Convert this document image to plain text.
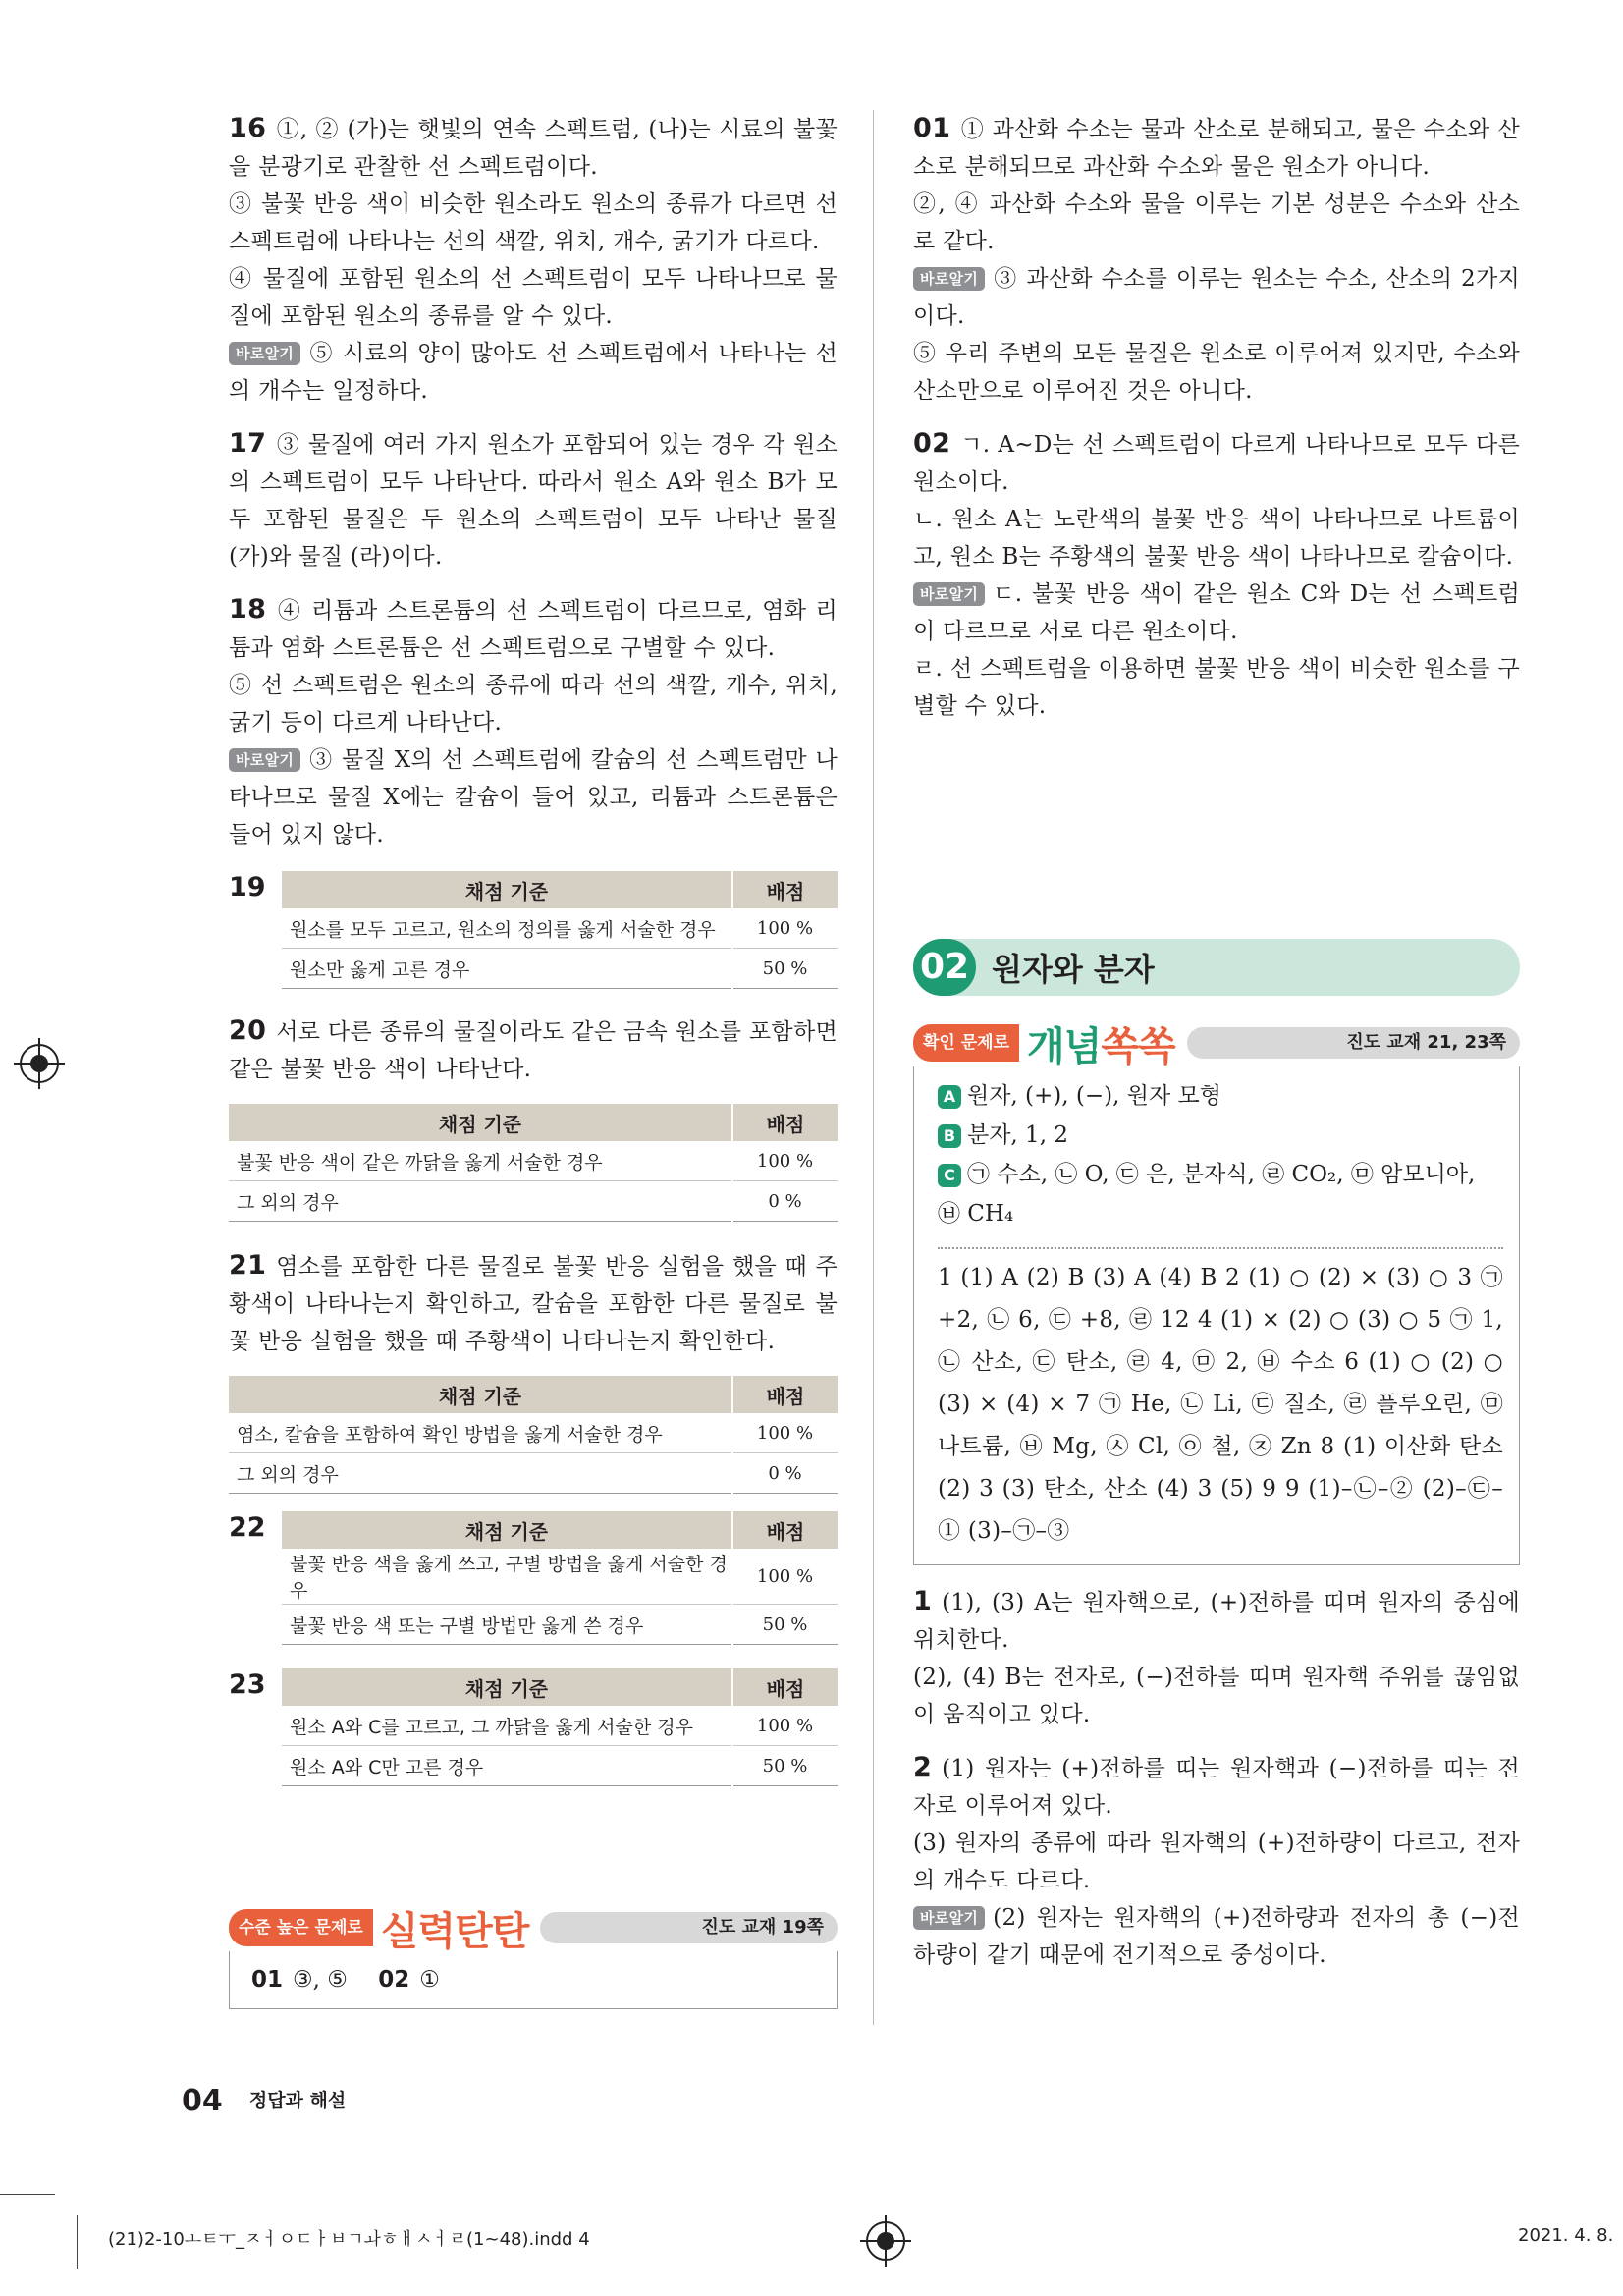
16 ①, ② (가)는 햇빛의 연속 스펙트럼, (나)는 시료의 불꽃을 분광기로 관찰한 선 스펙트럼이다.

③ 불꽃 반응 색이 비슷한 원소라도 원소의 종류가 다르면 선 스펙트럼에 나타나는 선의 색깔, 위치, 개수, 굵기가 다르다.

④ 물질에 포함된 원소의 선 스펙트럼이 모두 나타나므로 물질에 포함된 원소의 종류를 알 수 있다.

바로알기 ⑤ 시료의 양이 많아도 선 스펙트럼에서 나타나는 선의 개수는 일정하다.

17 ③ 물질에 여러 가지 원소가 포함되어 있는 경우 각 원소의 스펙트럼이 모두 나타난다. 따라서 원소 A와 원소 B가 모두 포함된 물질은 두 원소의 스펙트럼이 모두 나타난 물질 (가)와 물질 (라)이다.

18 ④ 리튬과 스트론튬의 선 스펙트럼이 다르므로, 염화 리튬과 염화 스트론튬은 선 스펙트럼으로 구별할 수 있다.

⑤ 선 스펙트럼은 원소의 종류에 따라 선의 색깔, 개수, 위치, 굵기 등이 다르게 나타난다.

바로알기 ③ 물질 X의 선 스펙트럼에 칼슘의 선 스펙트럼만 나타나므로 물질 X에는 칼슘이 들어 있고, 리튬과 스트론튬은 들어 있지 않다.

19	채점 기준	배점
원소를 모두 고르고, 원소의 정의를 옳게 서술한 경우	100 %
원소만 옳게 고른 경우	50 %

20 서로 다른 종류의 물질이라도 같은 금속 원소를 포함하면 같은 불꽃 반응 색이 나타난다.

채점 기준	배점
불꽃 반응 색이 같은 까닭을 옳게 서술한 경우	100 %
그 외의 경우	0 %

21 염소를 포함한 다른 물질로 불꽃 반응 실험을 했을 때 주황색이 나타나는지 확인하고, 칼슘을 포함한 다른 물질로 불꽃 반응 실험을 했을 때 주황색이 나타나는지 확인한다.

채점 기준	배점
염소, 칼슘을 포함하여 확인 방법을 옳게 서술한 경우	100 %
그 외의 경우	0 %
22	채점 기준	배점
불꽃 반응 색을 옳게 쓰고, 구별 방법을 옳게 서술한 경우	100 %
불꽃 반응 색 또는 구별 방법만 옳게 쓴 경우	50 %
23	채점 기준	배점
원소 A와 C를 고르고, 그 까닭을 옳게 서술한 경우	100 %
원소 A와 C만 고른 경우	50 %
수준 높은 문제로 실력탄탄	진도 교재 19쪽
01 ③, ⑤ 02 ①

01 ① 과산화 수소는 물과 산소로 분해되고, 물은 수소와 산소로 분해되므로 과산화 수소와 물은 원소가 아니다.

②, ④ 과산화 수소와 물을 이루는 기본 성분은 수소와 산소로 같다.

바로알기 ③ 과산화 수소를 이루는 원소는 수소, 산소의 2가지이다.

⑤ 우리 주변의 모든 물질은 원소로 이루어져 있지만, 수소와 산소만으로 이루어진 것은 아니다.

02 ㄱ. A~D는 선 스펙트럼이 다르게 나타나므로 모두 다른 원소이다.

ㄴ. 원소 A는 노란색의 불꽃 반응 색이 나타나므로 나트륨이고, 원소 B는 주황색의 불꽃 반응 색이 나타나므로 칼슘이다.

바로알기 ㄷ. 불꽃 반응 색이 같은 원소 C와 D는 선 스펙트럼이 다르므로 서로 다른 원소이다.

ㄹ. 선 스펙트럼을 이용하면 불꽃 반응 색이 비슷한 원소를 구별할 수 있다.

02 원자와 분자
확인 문제로 개념쏙쏙	진도 교재 21, 23쪽
A 원자, (+), (−), 원자 모형
B 분자, 1, 2
C ㉠ 수소, ㉡ O, ㉢ 은, 분자식, ㉣ CO₂, ㉤ 암모니아, ㉥ CH₄
1 (1) A (2) B (3) A (4) B 2 (1) ○ (2) × (3) ○ 3 ㉠ +2, ㉡ 6, ㉢ +8, ㉣ 12 4 (1) × (2) ○ (3) ○ 5 ㉠ 1, ㉡ 산소, ㉢ 탄소, ㉣ 4, ㉤ 2, ㉥ 수소 6 (1) ○ (2) ○ (3) × (4) × 7 ㉠ He, ㉡ Li, ㉢ 질소, ㉣ 플루오린, ㉤ 나트륨, ㉥ Mg, ㉦ Cl, ㉧ 철, ㉨ Zn 8 (1) 이산화 탄소 (2) 3 (3) 탄소, 산소 (4) 3 (5) 9 9 (1)–㉡–② (2)–㉢–① (3)–㉠–③

1 (1), (3) A는 원자핵으로, (+)전하를 띠며 원자의 중심에 위치한다.

(2), (4) B는 전자로, (−)전하를 띠며 원자핵 주위를 끊임없이 움직이고 있다.

2 (1) 원자는 (+)전하를 띠는 원자핵과 (−)전하를 띠는 전자로 이루어져 있다.

(3) 원자의 종류에 따라 원자핵의 (+)전하량이 다르고, 전자의 개수도 다르다.

바로알기 (2) 원자는 원자핵의 (+)전하량과 전자의 총 (−)전하량이 같기 때문에 전기적으로 중성이다.

04 정답과 해설
(21)2-10ㅗㅌㅜ_ㅈㅓㅇㄷㅏㅂㄱㅘㅎㅐㅅㅓㄹ(1~48).indd 4	2021. 4. 8.
